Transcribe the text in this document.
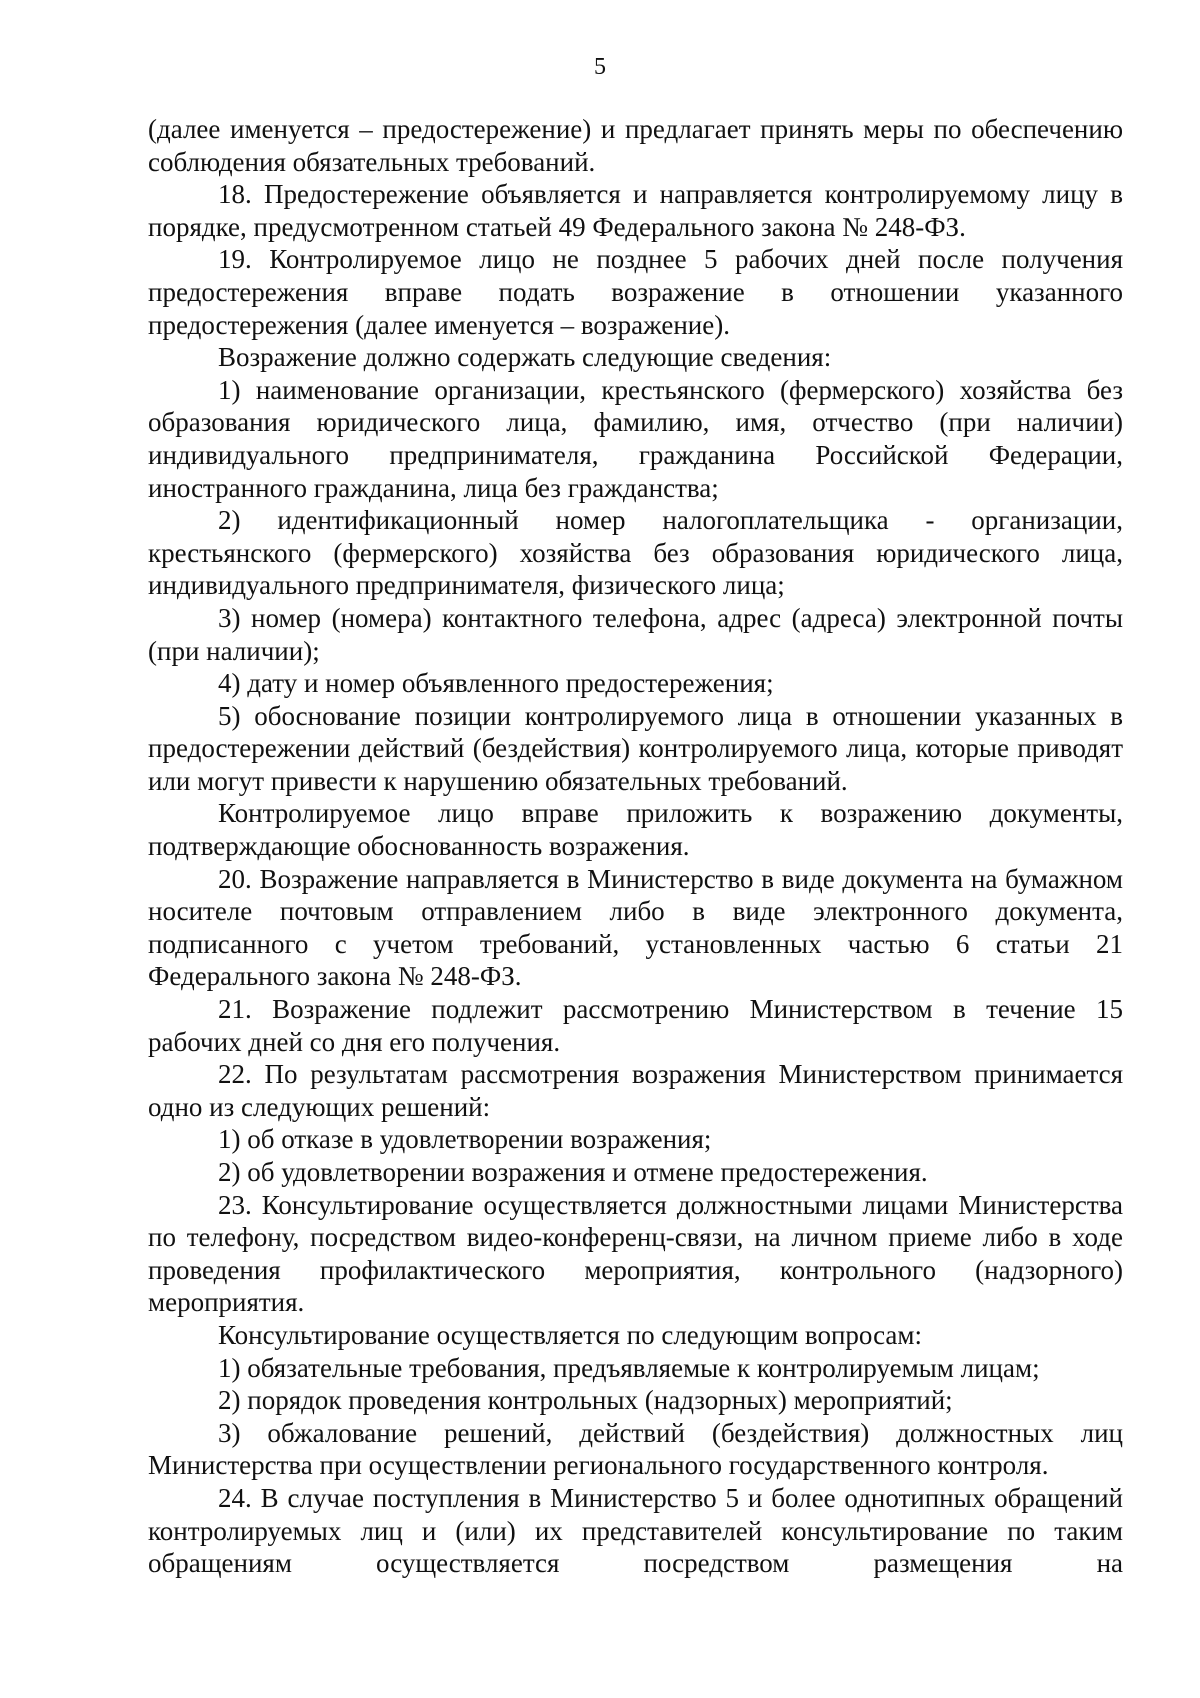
5

(далее именуется – предостережение) и предлагает принять меры по обеспечению соблюдения обязательных требований.

18. Предостережение объявляется и направляется контролируемому лицу в порядке, предусмотренном статьей 49 Федерального закона № 248-ФЗ.

19. Контролируемое лицо не позднее 5 рабочих дней после получения предостережения вправе подать возражение в отношении указанного предостережения (далее именуется – возражение).

Возражение должно содержать следующие сведения:

1) наименование организации, крестьянского (фермерского) хозяйства без образования юридического лица, фамилию, имя, отчество (при наличии) индивидуального предпринимателя, гражданина Российской Федерации, иностранного гражданина, лица без гражданства;

2) идентификационный номер налогоплательщика - организации, крестьянского (фермерского) хозяйства без образования юридического лица, индивидуального предпринимателя, физического лица;

3) номер (номера) контактного телефона, адрес (адреса) электронной почты (при наличии);

4) дату и номер объявленного предостережения;

5) обоснование позиции контролируемого лица в отношении указанных в предостережении действий (бездействия) контролируемого лица, которые приводят или могут привести к нарушению обязательных требований.

Контролируемое лицо вправе приложить к возражению документы, подтверждающие обоснованность возражения.

20. Возражение направляется в Министерство в виде документа на бумажном носителе почтовым отправлением либо в виде электронного документа, подписанного с учетом требований, установленных частью 6 статьи 21 Федерального закона № 248-ФЗ.

21. Возражение подлежит рассмотрению Министерством в течение 15 рабочих дней со дня его получения.

22. По результатам рассмотрения возражения Министерством принимается одно из следующих решений:

1) об отказе в удовлетворении возражения;

2) об удовлетворении возражения и отмене предостережения.

23. Консультирование осуществляется должностными лицами Министерства по телефону, посредством видео-конференц-связи, на личном приеме либо в ходе проведения профилактического мероприятия, контрольного (надзорного) мероприятия.

Консультирование осуществляется по следующим вопросам:

1) обязательные требования, предъявляемые к контролируемым лицам;

2) порядок проведения контрольных (надзорных) мероприятий;

3) обжалование решений, действий (бездействия) должностных лиц Министерства при осуществлении регионального государственного контроля.

24. В случае поступления в Министерство 5 и более однотипных обращений контролируемых лиц и (или) их представителей консультирование по таким обращениям осуществляется посредством размещения на
